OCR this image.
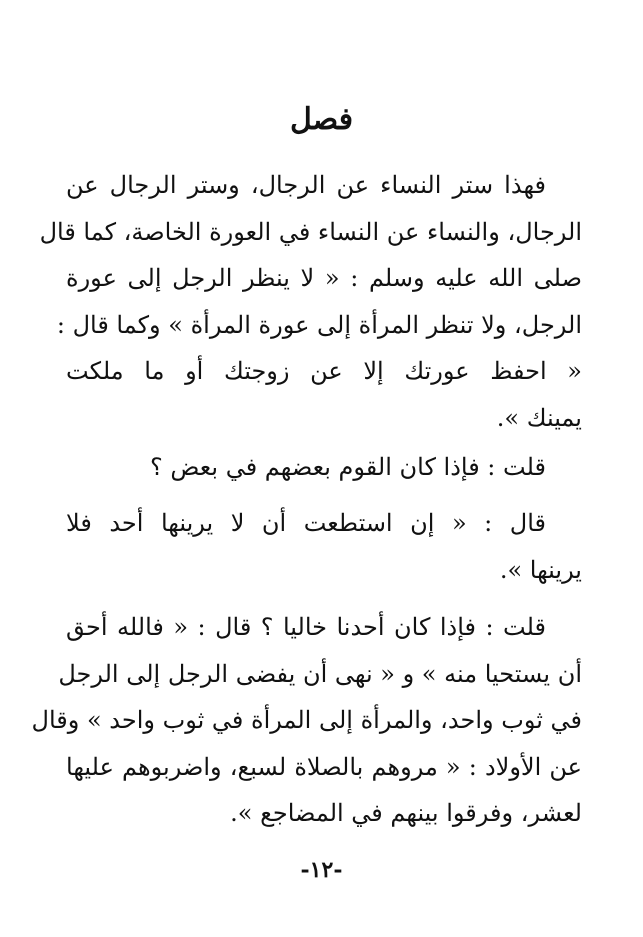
فصل
فهذا ستر النساء عن الرجال، وستر الرجال عن
الرجال، والنساء عن النساء في العورة الخاصة، كما قال
صلى الله عليه وسلم : « لا ينظر الرجل إلى عورة
الرجل، ولا تنظر المرأة إلى عورة المرأة » وكما قال :
« احفظ عورتك إلا عن زوجتك أو ما ملكت
يمينك ».
قلت : فإذا كان القوم بعضهم في بعض ؟
قال : « إن استطعت أن لا يرينها أحد فلا
يرينها ».
قلت : فإذا كان أحدنا خاليا ؟ قال : « فالله أحق
أن يستحيا منه » و « نهى أن يفضى الرجل إلى الرجل
في ثوب واحد، والمرأة إلى المرأة في ثوب واحد » وقال
عن الأولاد : « مروهم بالصلاة لسبع، واضربوهم عليها
لعشر، وفرقوا بينهم في المضاجع ».
-١٢-
